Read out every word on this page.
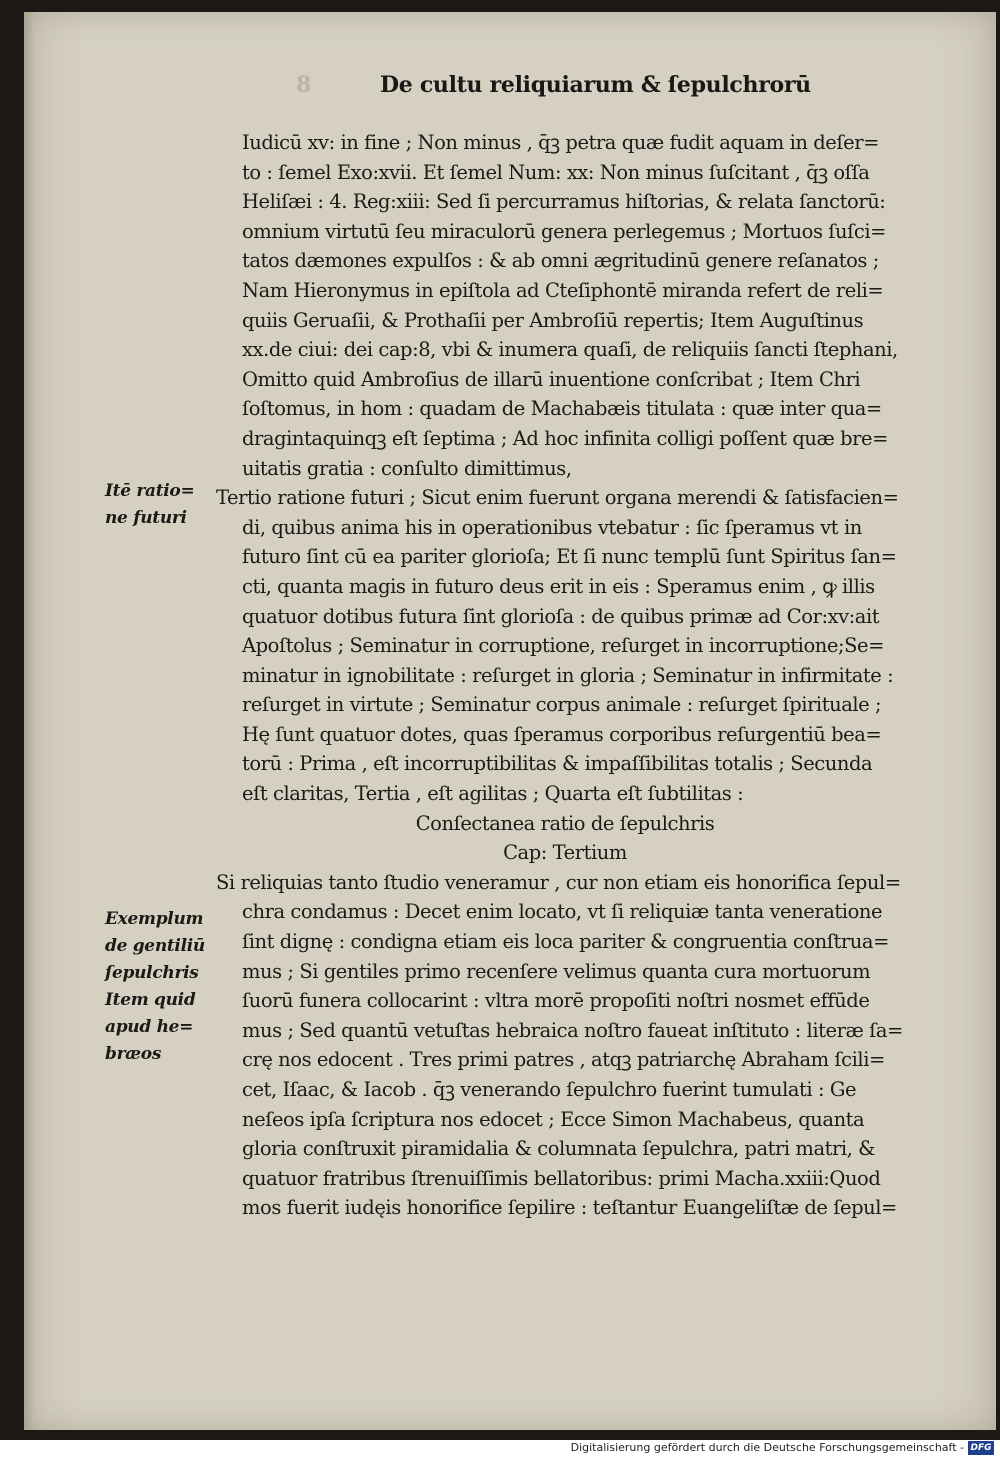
8	De cultu reliquiarum & ſepulchrorū
Iudicū xv: in fine ; Non minus , q̄ꝫ petra quæ fudit aquam in deſer=
to : ſemel Exo:xvii. Et ſemel Num: xx: Non minus ſuſcitant , q̄ꝫ oſſa
Heliſæi : 4. Reg:xiii: Sed ſi percurramus hiſtorias, & relata ſanctorū:
omnium virtutū ſeu miraculorū genera perlegemus ; Mortuos ſuſci=
tatos dæmones expulſos : & ab omni ægritudinū genere reſanatos ;
Nam Hieronymus in epiſtola ad Cteſiphontē miranda refert de reli=
quiis Geruaſii, & Prothaſii per Ambroſiū repertis; Item Auguſtinus
xx.de ciui: dei cap:8, vbi & inumera quaſi, de reliquiis ſancti ſtephani,
Omitto quid Ambroſius de illarū inuentione conſcribat ; Item Chri
ſoſtomus, in hom : quadam de Machabæis titulata : quæ inter qua=
dragintaquinqꝫ eſt ſeptima ; Ad hoc infinita colligi poſſent quæ bre=
uitatis gratia : conſulto dimittimus,
Tertio ratione futuri ; Sicut enim fuerunt organa merendi & ſatisfacien=
di, quibus anima his in operationibus vtebatur : ſic ſperamus vt in
futuro ſint cū ea pariter glorioſa; Et ſi nunc templū ſunt Spiritus ſan=
cti, quanta magis in futuro deus erit in eis : Speramus enim , ꝙ illis
quatuor dotibus futura ſint glorioſa : de quibus primæ ad Cor:xv:ait
Apoſtolus ; Seminatur in corruptione, reſurget in incorruptione;Se=
minatur in ignobilitate : reſurget in gloria ; Seminatur in infirmitate :
reſurget in virtute ; Seminatur corpus animale : reſurget ſpirituale ;
Hę ſunt quatuor dotes, quas ſperamus corporibus reſurgentiū bea=
torū : Prima , eſt incorruptibilitas & impaſſibilitas totalis ; Secunda
eſt claritas, Tertia , eſt agilitas ; Quarta eſt ſubtilitas :
Conſectanea ratio de ſepulchris
Cap: Tertium
Si reliquias tanto ſtudio veneramur , cur non etiam eis honorifica ſepul=
chra condamus : Decet enim locato, vt ſi reliquiæ tanta veneratione
ſint dignę : condigna etiam eis loca pariter & congruentia conſtrua=
mus ; Si gentiles primo recenſere velimus quanta cura mortuorum
ſuorū funera collocarint : vltra morē propoſiti noſtri nosmet effūde
mus ; Sed quantū vetuſtas hebraica noſtro faueat inſtituto : literæ ſa=
crę nos edocent . Tres primi patres , atqꝫ patriarchę Abraham ſcili=
cet, Iſaac, & Iacob . q̄ꝫ venerando ſepulchro fuerint tumulati : Ge
neſeos ipſa ſcriptura nos edocet ; Ecce Simon Machabeus, quanta
gloria conſtruxit piramidalia & columnata ſepulchra, patri matri, &
quatuor fratribus ſtrenuiſſimis bellatoribus: primi Macha.xxiii:Quod
mos fuerit iudęis honorifice ſepilire : teſtantur Euangeliſtæ de ſepul=
Itē ratio=
ne futuri
Exemplum
de gentiliū
ſepulchris
Item quid
apud he=
bræos
Digitalisierung gefördert durch die Deutsche Forschungsgemeinschaft - DFG
